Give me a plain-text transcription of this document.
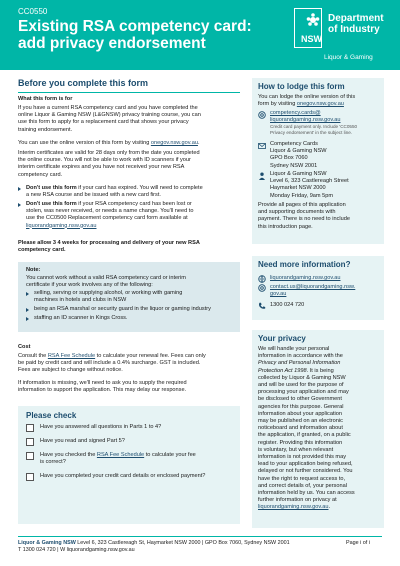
CC0550
Existing RSA competency card:
add privacy endorsement	NSW
Department
of Industry
Liquor & Gaming
Before you complete this form
What this form is for
If you have a current RSA competency card and you have completed the
online Liquor & Gaming NSW (L&GNSW) privacy training course, you can
use this form to apply for a replacement card that shows your privacy
training endorsement.
You can use the online version of this form by visiting onegov.nsw.gov.au.
Interim certificates are valid for 28 days only from the date you completed
the online course. You will not be able to work with ID scanners if your
interim certificate expires and you have not received your new RSA
competency card.
Don't use this form if your card has expired. You will need to complete
a new RSA course and be issued with a new card first.
Don't use this form if your RSA competency card has been lost or
stolen, was never received, or needs a name change. You'll need to
use the CC0500 Replacement competency card form available at
liquorandgaming.nsw.gov.au
Please allow 3 4 weeks for processing and delivery of your new RSA
competency card.
Note:
You cannot work without a valid RSA competency card or interim
certificate if your work involves any of the following:
selling, serving or supplying alcohol, or working with gaming
machines in hotels and clubs in NSW
being an RSA marshal or security guard in the liquor or gaming industry
staffing an ID scanner in Kings Cross.
Cost
Consult the RSA Fee Schedule to calculate your renewal fee. Fees can only
be paid by credit card and will include a 0.4% surcharge. GST is included.
Fees are subject to change without notice.
If information is missing, we'll need to ask you to supply the required
information to support the application. This may delay our response.
Please check
Have you answered all questions in Parts 1 to 4?
Have you read and signed Part 5?
Have you checked the RSA Fee Schedule to calculate your fee
is correct?
Have you completed your credit card details or enclosed payment?
How to lodge this form
You can lodge the online version of this
form by visiting onegov.nsw.gov.au
competency.cards@
liquorandgaming.nsw.gov.au
Credit card payment only. Include 'CC0550
Privacy endorsement' in the subject line.
Competency Cards
Liquor & Gaming NSW
GPO Box 7060
Sydney NSW 2001
Liquor & Gaming NSW
Level 6, 323 Castlereagh Street
Haymarket NSW 2000
Monday Friday, 9am 5pm
Provide all pages of this application
and supporting documents with
payment. There is no need to include
this introduction page.
Need more information?
liquorandgaming.nsw.gov.au
contact.us@liquorandgaming.nsw.
gov.au
1300 024 720
Your privacy
We will handle your personal
information in accordance with the
Privacy and Personal Information
Protection Act 1998. It is being
collected by Liquor & Gaming NSW
and will be used for the purpose of
processing your application and may
be disclosed to other Government
agencies for this purpose. General
information about your application
may be published on an electronic
noticeboard and information about
the application, if granted, on a public
register. Providing this information
is voluntary, but when relevant
information is not provided this may
lead to your application being refused,
delayed or not further considered. You
have the right to request access to,
and correct details of, your personal
information held by us. You can access
further information on privacy at
liquorandgaming.nsw.gov.au.
Liquor & Gaming NSW Level 6, 323 Castlereagh St, Haymarket NSW 2000 | GPO Box 7060, Sydney NSW 2001
T 1300 024 720 | W liquorandgaming.nsw.gov.au
Page i of i
